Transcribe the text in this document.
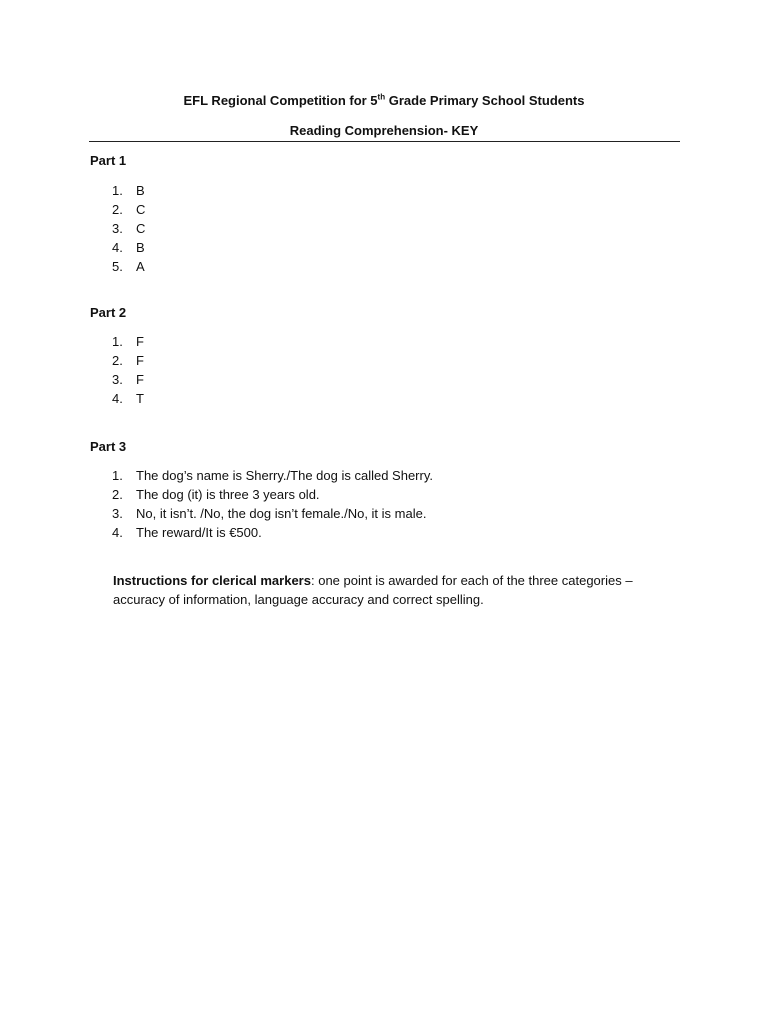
EFL Regional Competition for 5th Grade Primary School Students
Reading Comprehension- KEY
Part 1
1. B
2. C
3. C
4. B
5. A
Part 2
1. F
2. F
3. F
4. T
Part 3
1. The dog’s name is Sherry./The dog is called Sherry.
2. The dog (it) is three 3 years old.
3. No, it isn’t. /No, the dog isn’t female./No, it is male.
4. The reward/It is €500.
Instructions for clerical markers: one point is awarded for each of the three categories – accuracy of information, language accuracy and correct spelling.
